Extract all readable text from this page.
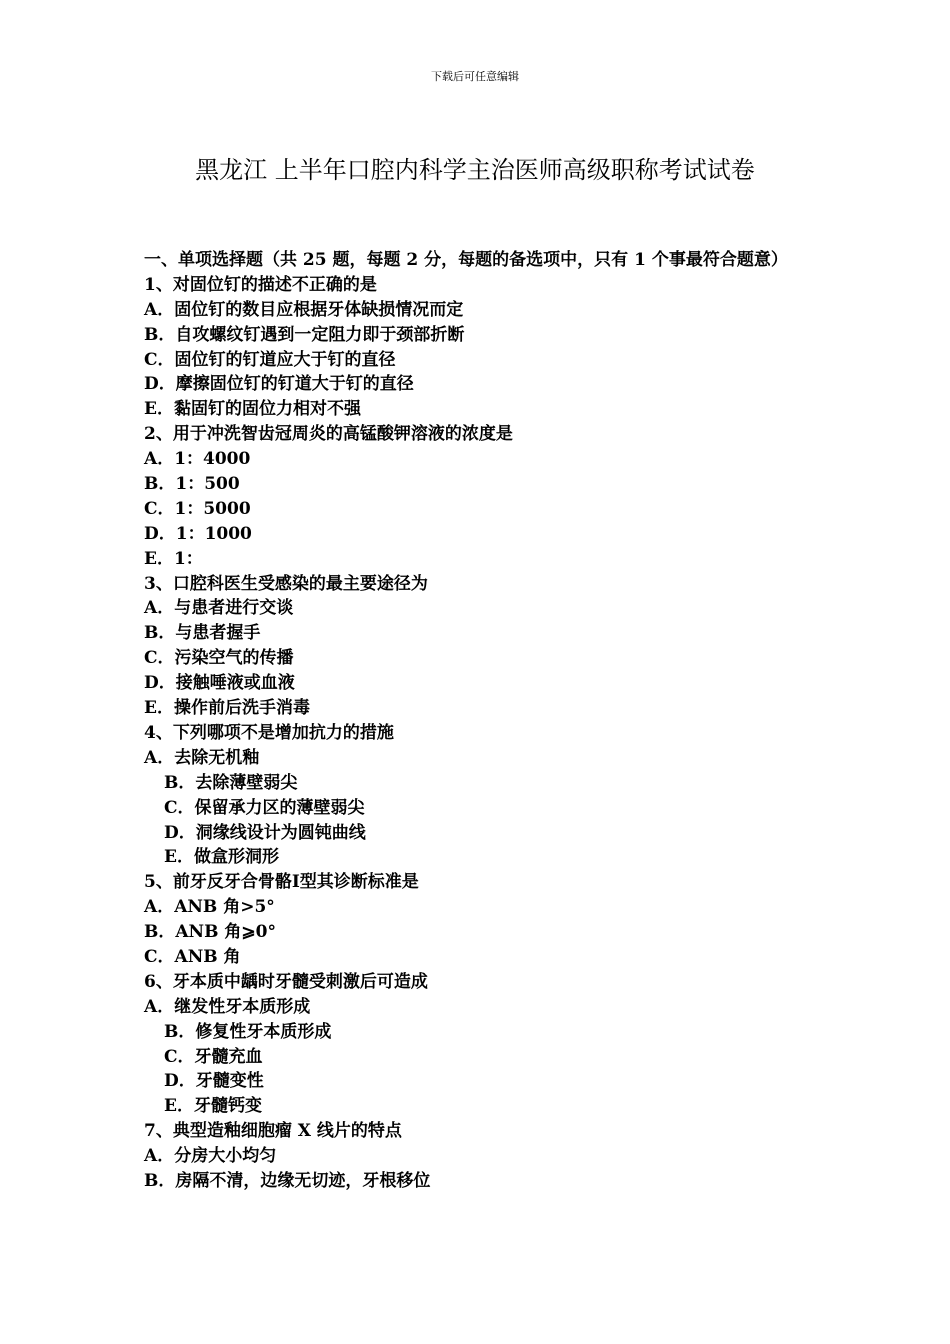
下载后可任意编辑
黑龙江 上半年口腔内科学主治医师高级职称考试试卷
一、单项选择题（共 25 题，每题 2 分，每题的备选项中，只有 1 个事最符合题意）
1、对固位钉的描述不正确的是
A．固位钉的数目应根据牙体缺损情况而定
B．自攻螺纹钉遇到一定阻力即于颈部折断
C．固位钉的钉道应大于钉的直径
D．摩擦固位钉的钉道大于钉的直径
E．黏固钉的固位力相对不强
2、用于冲洗智齿冠周炎的高锰酸钾溶液的浓度是
A．1：4000
B．1：500
C．1：5000
D．1：1000
E．1：
3、口腔科医生受感染的最主要途径为
A．与患者进行交谈
B．与患者握手
C．污染空气的传播
D．接触唾液或血液
E．操作前后洗手消毒
4、下列哪项不是增加抗力的措施
A．去除无机釉
B．去除薄壁弱尖
C．保留承力区的薄壁弱尖
D．洞缘线设计为圆钝曲线
E．做盒形洞形
5、前牙反牙合骨骼Ⅰ型其诊断标准是
A．ANB 角>5°
B．ANB 角⩾0°
C．ANB 角
6、牙本质中龋时牙髓受刺激后可造成
A．继发性牙本质形成
B．修复性牙本质形成
C．牙髓充血
D．牙髓变性
E．牙髓钙变
7、典型造釉细胞瘤 X 线片的特点
A．分房大小均匀
B．房隔不清，边缘无切迹，牙根移位
